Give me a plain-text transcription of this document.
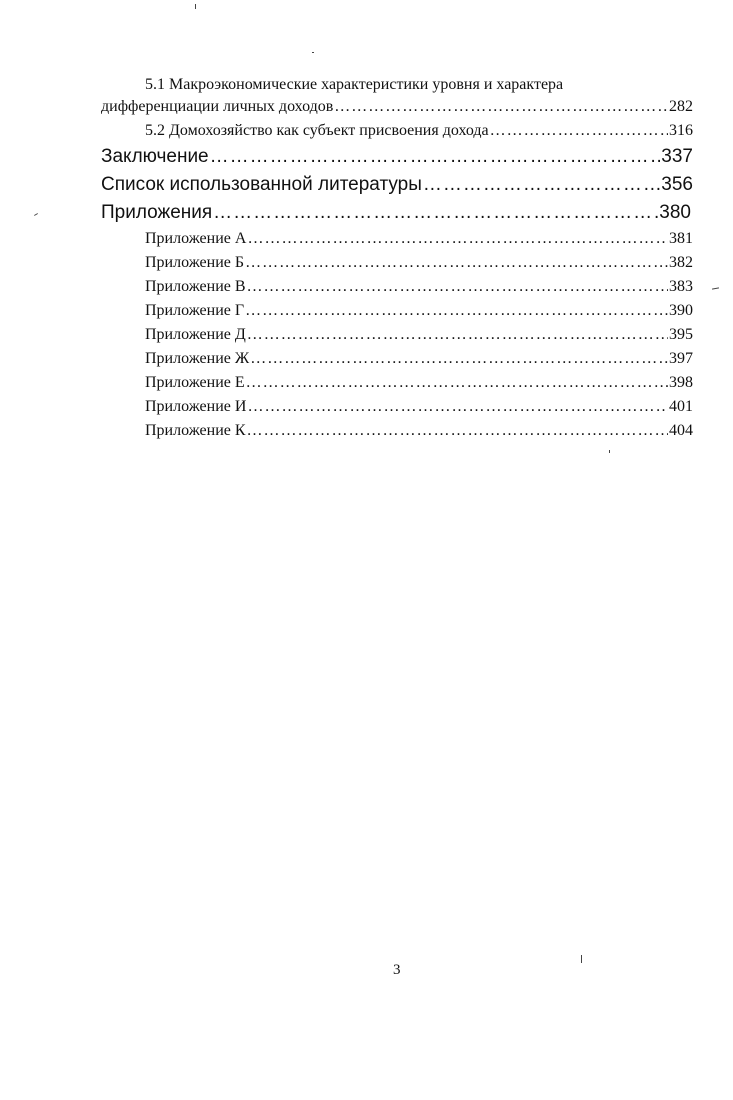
5.1 Макроэкономические характеристики уровня и характера
дифференциации личных доходов …………………………………………………………………………………………………………………………………………	282
5.2 Домохозяйство как субъект присвоения дохода …………………………………………………………………………………………………………………………………………	316
Заключение …………………………………………………………………………………………………………………………………………	337
Список использованной литературы …………………………………………………………………………………………………………………………………………	356
Приложения …………………………………………………………………………………………………………………………………………	380
Приложение А …………………………………………………………………………………………………………………………………………	381
Приложение Б …………………………………………………………………………………………………………………………………………	382
Приложение В …………………………………………………………………………………………………………………………………………	383
Приложение Г …………………………………………………………………………………………………………………………………………	390
Приложение Д …………………………………………………………………………………………………………………………………………	395
Приложение Ж …………………………………………………………………………………………………………………………………………	397
Приложение Е …………………………………………………………………………………………………………………………………………	398
Приложение И …………………………………………………………………………………………………………………………………………	401
Приложение К …………………………………………………………………………………………………………………………………………	404
3
